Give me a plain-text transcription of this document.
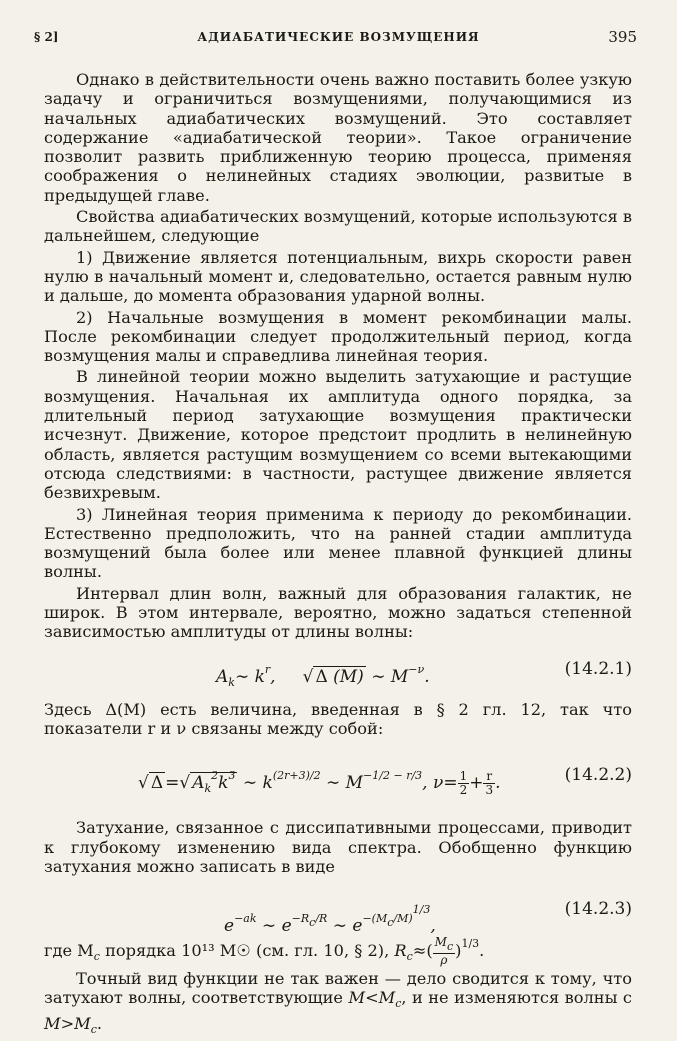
§ 2]	АДИАБАТИЧЕСКИЕ ВОЗМУЩЕНИЯ	395

Однако в действительности очень важно поставить более узкую задачу и ограничиться возмущениями, получающимися из начальных адиабатических возмущений. Это составляет содержание «адиабатической теории». Такое ограничение позволит развить приближенную теорию процесса, применяя соображения о нелинейных стадиях эволюции, развитые в предыдущей главе.

Свойства адиабатических возмущений, которые используются в дальнейшем, следующие

1) Движение является потенциальным, вихрь скорости равен нулю в начальный момент и, следовательно, остается равным нулю и дальше, до момента образования ударной волны.

2) Начальные возмущения в момент рекомбинации малы. После рекомбинации следует продолжительный период, когда возмущения малы и справедлива линейная теория.

В линейной теории можно выделить затухающие и растущие возмущения. Начальная их амплитуда одного порядка, за длительный период затухающие возмущения практически исчезнут. Движение, которое предстоит продлить в нелинейную область, является растущим возмущением со всеми вытекающими отсюда следствиями: в частности, растущее движение является безвихревым.

3) Линейная теория применима к периоду до рекомбинации. Естественно предположить, что на ранней стадии амплитуда возмущений была более или менее плавной функцией длины волны.

Интервал длин волн, важный для образования галактик, не широк. В этом интервале, вероятно, можно задаться степенной зависимостью амплитуды от длины волны:

$A_k\sim$ $k^r$,     √ Δ (M) ∼ $M^{-\nu}$.	(14.2.1)

Здесь Δ(M) есть величина, введенная в § 2 гл. 12, так что показатели r и ν связаны между собой:

√ Δ =√ $A_k^2k^3$ ∼ $k^{(2r+3)/2}$ ∼ $M^{-1/2 - r/3}$, $\nu= \frac{1}{2} + \frac{r}{3}$ .	(14.2.2)

Затухание, связанное с диссипативными процессами, приводит к глубокому изменению вида спектра. Обобщенно функцию затухания можно записать в виде

$e^{-ak}$ ∼ $e^{-Rc/R}$ ∼ $e^{-(Mc/M)1/3}$,
(14.2.3)

где $M_c$ порядка 10¹³ M☉ (см. гл. 10, § 2), $R_c\approx( \frac{Mc}{\rho} )^{1/3}$.

Точный вид функции не так важен — дело сводится к тому, что затухают волны, соответствующие $M<M_c$, и не изменяются волны с $M>M_c$.
